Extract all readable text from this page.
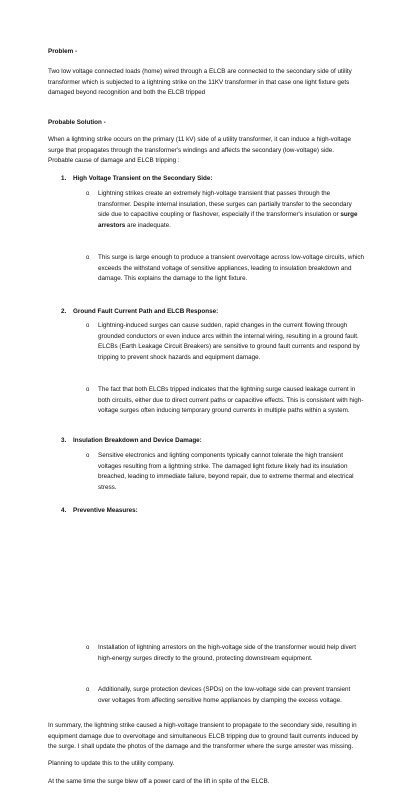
Problem -

Two low voltage connected loads (home) wired through a ELCB are connected to the secondary side of utility transformer which is subjected to a lightning strike on the 11KV transformer in that case one light fixture gets damaged beyond recognition and both the ELCB tripped

Probable Solution -

When a lightning strike occurs on the primary (11 kV) side of a utility transformer, it can induce a high-voltage surge that propagates through the transformer's windings and affects the secondary (low-voltage) side. Probable cause of damage and ELCB tripping :

1. High Voltage Transient on the Secondary Side:

o Lightning strikes create an extremely high-voltage transient that passes through the transformer. Despite internal insulation, these surges can partially transfer to the secondary side due to capacitive coupling or flashover, especially if the transformer's insulation or surge arrestors are inadequate.

o This surge is large enough to produce a transient overvoltage across low-voltage circuits, which exceeds the withstand voltage of sensitive appliances, leading to insulation breakdown and damage. This explains the damage to the light fixture.

2. Ground Fault Current Path and ELCB Response:

o Lightning-induced surges can cause sudden, rapid changes in the current flowing through grounded conductors or even induce arcs within the internal wiring, resulting in a ground fault. ELCBs (Earth Leakage Circuit Breakers) are sensitive to ground fault currents and respond by tripping to prevent shock hazards and equipment damage.

o The fact that both ELCBs tripped indicates that the lightning surge caused leakage current in both circuits, either due to direct current paths or capacitive effects. This is consistent with high-voltage surges often inducing temporary ground currents in multiple paths within a system.

3. Insulation Breakdown and Device Damage:

o Sensitive electronics and lighting components typically cannot tolerate the high transient voltages resulting from a lightning strike. The damaged light fixture likely had its insulation breached, leading to immediate failure, beyond repair, due to extreme thermal and electrical stress.

4. Preventive Measures:

o Installation of lightning arrestors on the high-voltage side of the transformer would help divert high-energy surges directly to the ground, protecting downstream equipment.

o Additionally, surge protection devices (SPDs) on the low-voltage side can prevent transient over voltages from affecting sensitive home appliances by clamping the excess voltage.

In summary, the lightning strike caused a high-voltage transient to propagate to the secondary side, resulting in equipment damage due to overvoltage and simultaneous ELCB tripping due to ground fault currents induced by the surge. I shall update the photos of the damage and the transformer where the surge arrester was missing.

Planning to update this to the utility company.

At the same time the surge blew off a power card of the lift in spite of the ELCB.
